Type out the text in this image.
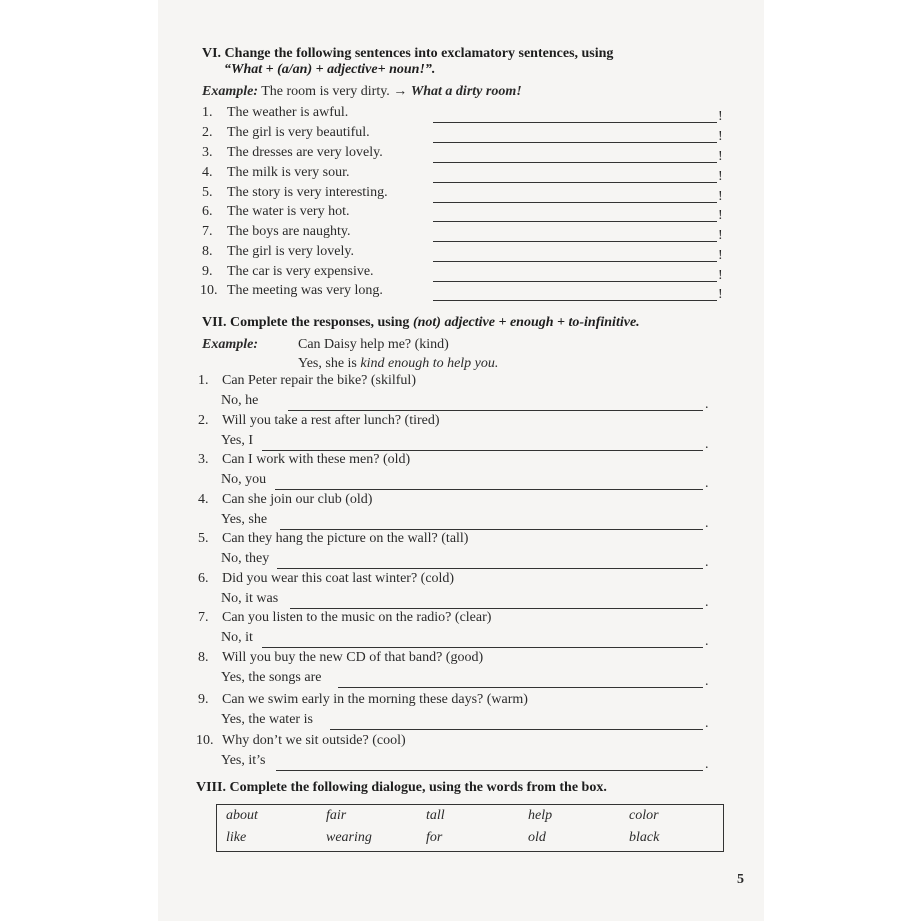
VI. Change the following sentences into exclamatory sentences, using
“What + (a/an) + adjective+ noun!”.
Example: The room is very dirty. → What a dirty room!
1. The weather is awful.	!
2. The girl is very beautiful.	!
3. The dresses are very lovely.	!
4. The milk is very sour.	!
5. The story is very interesting.	!
6. The water is very hot.	!
7. The boys are naughty.	!
8. The girl is very lovely.	!
9. The car is very expensive.	!
10. The meeting was very long.	!
VII. Complete the responses, using (not) adjective + enough + to-infinitive.
Example:	Can Daisy help me? (kind)
Yes, she is kind enough to help you.
1. Can Peter repair the bike? (skilful)
No, he	.
2. Will you take a rest after lunch? (tired)
Yes, I	.
3. Can I work with these men? (old)
No, you	.
4. Can she join our club (old)
Yes, she	.
5. Can they hang the picture on the wall? (tall)
No, they	.
6. Did you wear this coat last winter? (cold)
No, it was	.
7. Can you listen to the music on the radio? (clear)
No, it	.
8. Will you buy the new CD of that band? (good)
Yes, the songs are	.
9. Can we swim early in the morning these days? (warm)
Yes, the water is	.
10. Why don’t we sit outside? (cool)
Yes, it’s	.
VIII. Complete the following dialogue, using the words from the box.
about	fair	tall	help	color
like	wearing	for	old	black
5
